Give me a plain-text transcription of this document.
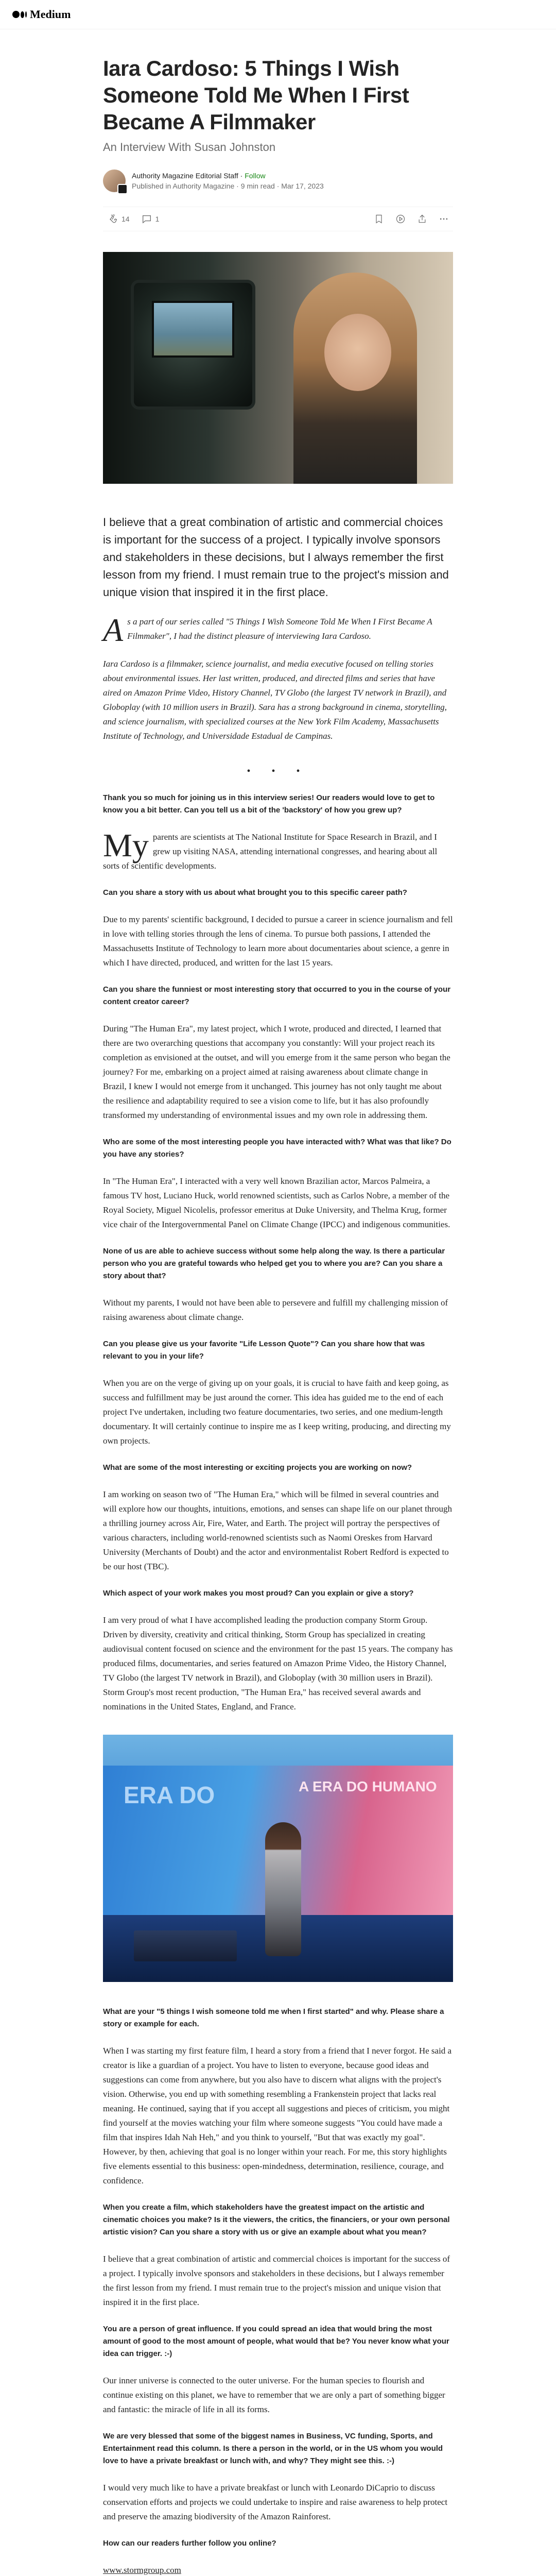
Medium
Iara Cardoso: 5 Things I Wish Someone Told Me When I First Became A Filmmaker
An Interview With Susan Johnston
Authority Magazine Editorial Staff · Follow
Published in Authority Magazine · 9 min read · Mar 17, 2023
14	1

I believe that a great combination of artistic and commercial choices is important for the success of a project. I typically involve sponsors and stakeholders in these decisions, but I always remember the first lesson from my friend. I must remain true to the project's mission and unique vision that inspired it in the first place.

As a part of our series called "5 Things I Wish Someone Told Me When I First Became A Filmmaker", I had the distinct pleasure of interviewing Iara Cardoso.

Iara Cardoso is a filmmaker, science journalist, and media executive focused on telling stories about environmental issues. Her last written, produced, and directed films and series that have aired on Amazon Prime Video, History Channel, TV Globo (the largest TV network in Brazil), and Globoplay (with 10 million users in Brazil). Sara has a strong background in cinema, storytelling, and science journalism, with specialized courses at the New York Film Academy, Massachusetts Institute of Technology, and Universidade Estadual de Campinas.

• • •

Thank you so much for joining us in this interview series! Our readers would love to get to know you a bit better. Can you tell us a bit of the 'backstory' of how you grew up?

My parents are scientists at The National Institute for Space Research in Brazil, and I grew up visiting NASA, attending international congresses, and hearing about all sorts of scientific developments.

Can you share a story with us about what brought you to this specific career path?

Due to my parents' scientific background, I decided to pursue a career in science journalism and fell in love with telling stories through the lens of cinema. To pursue both passions, I attended the Massachusetts Institute of Technology to learn more about documentaries about science, a genre in which I have directed, produced, and written for the last 15 years.

Can you share the funniest or most interesting story that occurred to you in the course of your content creator career?

During "The Human Era", my latest project, which I wrote, produced and directed, I learned that there are two overarching questions that accompany you constantly: Will your project reach its completion as envisioned at the outset, and will you emerge from it the same person who began the journey? For me, embarking on a project aimed at raising awareness about climate change in Brazil, I knew I would not emerge from it unchanged. This journey has not only taught me about the resilience and adaptability required to see a vision come to life, but it has also profoundly transformed my understanding of environmental issues and my own role in addressing them.

Who are some of the most interesting people you have interacted with? What was that like? Do you have any stories?

In "The Human Era", I interacted with a very well known Brazilian actor, Marcos Palmeira, a famous TV host, Luciano Huck, world renowned scientists, such as Carlos Nobre, a member of the Royal Society, Miguel Nicolelis, professor emeritus at Duke University, and Thelma Krug, former vice chair of the Intergovernmental Panel on Climate Change (IPCC) and indigenous communities.

None of us are able to achieve success without some help along the way. Is there a particular person who you are grateful towards who helped get you to where you are? Can you share a story about that?

Without my parents, I would not have been able to persevere and fulfill my challenging mission of raising awareness about climate change.

Can you please give us your favorite "Life Lesson Quote"? Can you share how that was relevant to you in your life?

When you are on the verge of giving up on your goals, it is crucial to have faith and keep going, as success and fulfillment may be just around the corner. This idea has guided me to the end of each project I've undertaken, including two feature documentaries, two series, and one medium-length documentary. It will certainly continue to inspire me as I keep writing, producing, and directing my own projects.

What are some of the most interesting or exciting projects you are working on now?

I am working on season two of "The Human Era," which will be filmed in several countries and will explore how our thoughts, intuitions, emotions, and senses can shape life on our planet through a thrilling journey across Air, Fire, Water, and Earth. The project will portray the perspectives of various characters, including world-renowned scientists such as Naomi Oreskes from Harvard University (Merchants of Doubt) and the actor and environmentalist Robert Redford is expected to be our host (TBC).

Which aspect of your work makes you most proud? Can you explain or give a story?

I am very proud of what I have accomplished leading the production company Storm Group. Driven by diversity, creativity and critical thinking, Storm Group has specialized in creating audiovisual content focused on science and the environment for the past 15 years. The company has produced films, documentaries, and series featured on Amazon Prime Video, the History Channel, TV Globo (the largest TV network in Brazil), and Globoplay (with 30 million users in Brazil). Storm Group's most recent production, "The Human Era," has received several awards and nominations in the United States, England, and France.

ERA DO	A ERA DO HUMANO

What are your "5 things I wish someone told me when I first started" and why. Please share a story or example for each.

When I was starting my first feature film, I heard a story from a friend that I never forgot. He said a creator is like a guardian of a project. You have to listen to everyone, because good ideas and suggestions can come from anywhere, but you also have to discern what aligns with the project's vision. Otherwise, you end up with something resembling a Frankenstein project that lacks real meaning. He continued, saying that if you accept all suggestions and pieces of criticism, you might find yourself at the movies watching your film where someone suggests "You could have made a film that inspires Idah Nah Heh," and you think to yourself, "But that was exactly my goal". However, by then, achieving that goal is no longer within your reach. For me, this story highlights five elements essential to this business: open-mindedness, determination, resilience, courage, and confidence.

When you create a film, which stakeholders have the greatest impact on the artistic and cinematic choices you make? Is it the viewers, the critics, the financiers, or your own personal artistic vision? Can you share a story with us or give an example about what you mean?

I believe that a great combination of artistic and commercial choices is important for the success of a project. I typically involve sponsors and stakeholders in these decisions, but I always remember the first lesson from my friend. I must remain true to the project's mission and unique vision that inspired it in the first place.

You are a person of great influence. If you could spread an idea that would bring the most amount of good to the most amount of people, what would that be? You never know what your idea can trigger. :-)

Our inner universe is connected to the outer universe. For the human species to flourish and continue existing on this planet, we have to remember that we are only a part of something bigger and fantastic: the miracle of life in all its forms.

We are very blessed that some of the biggest names in Business, VC funding, Sports, and Entertainment read this column. Is there a person in the world, or in the US whom you would love to have a private breakfast or lunch with, and why? They might see this. :-)

I would very much like to have a private breakfast or lunch with Leonardo DiCaprio to discuss conservation efforts and projects we could undertake to inspire and raise awareness to help protect and preserve the amazing biodiversity of the Amazon Rainforest.

How can our readers further follow you online?

www.stormgroup.com
